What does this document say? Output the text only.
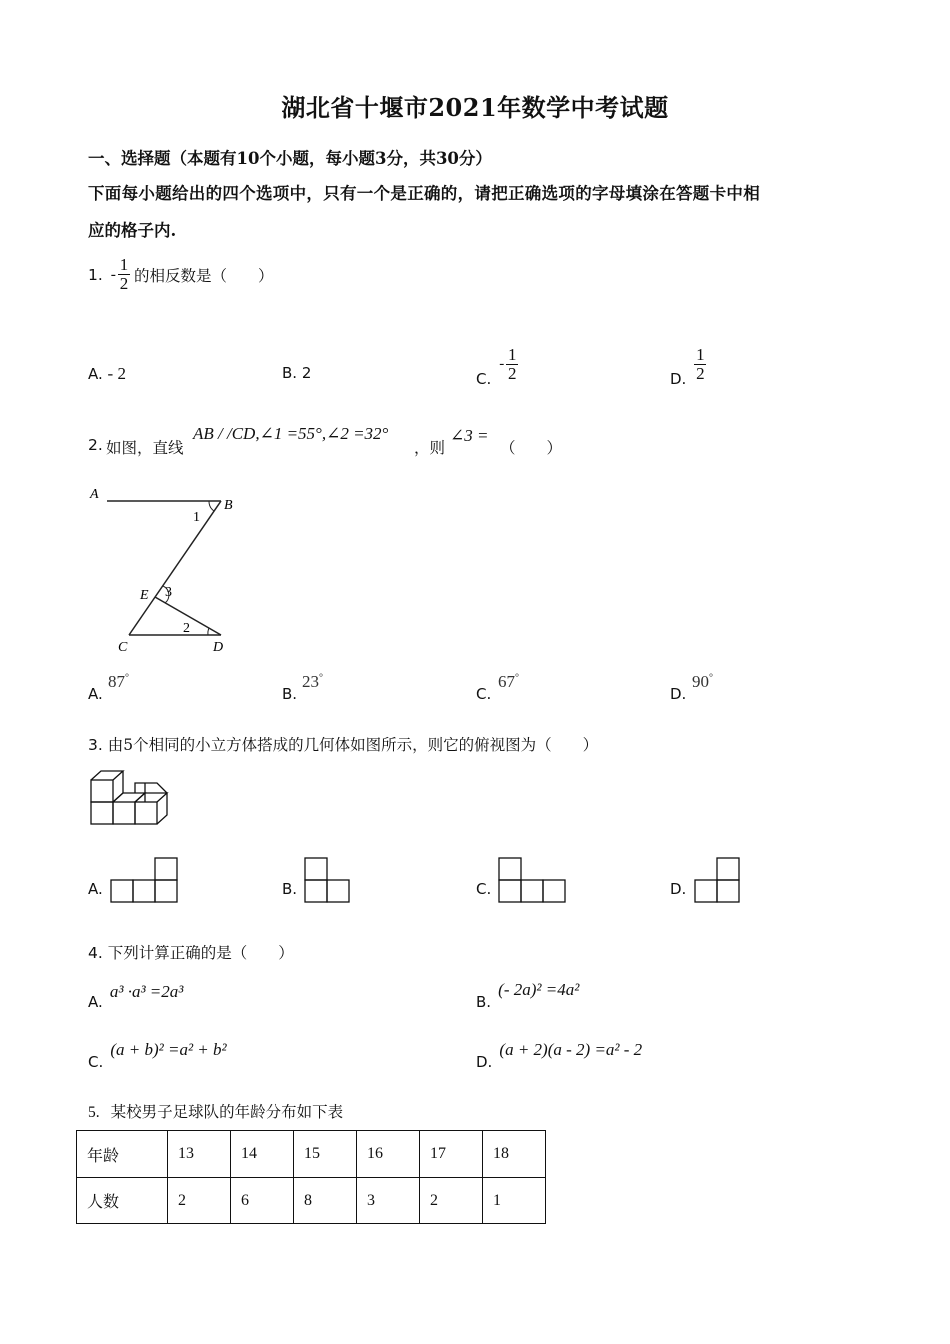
湖北省十堰市2021年数学中考试题
一、选择题（本题有10个小题，每小题3分，共30分）
下面每小题给出的四个选项中，只有一个是正确的，请把正确选项的字母填涂在答题卡中相
应的格子内.
1. - $\frac{1}{2}$ 的相反数是（　　）
A. - 2	B. 2	C.
- $\frac{1}{2}$	D. $\frac{1}{2}$
2. 如图，直线
AB / /CD,∠1 =55°,∠2 =32°
，则
∠3 =
（　　）
A
B
C	D
E
1
2
3
A.
87°
B.
23°
C.
67°
D.
90°
3. 由5个相同的小立方体搭成的几何体如图所示，则它的俯视图为（　　）
A.	B.	C.	D.
4. 下列计算正确的是（　　）
A. a³ ·a³ =2a³
B. (- 2a)² =4a²
C. (a + b)² =a² + b²
D. (a + 2)(a - 2) =a² - 2
5. 某校男子足球队的年龄分布如下表
年龄	13	14	15	16	17	18
人数	2	6	8	3	2	1
